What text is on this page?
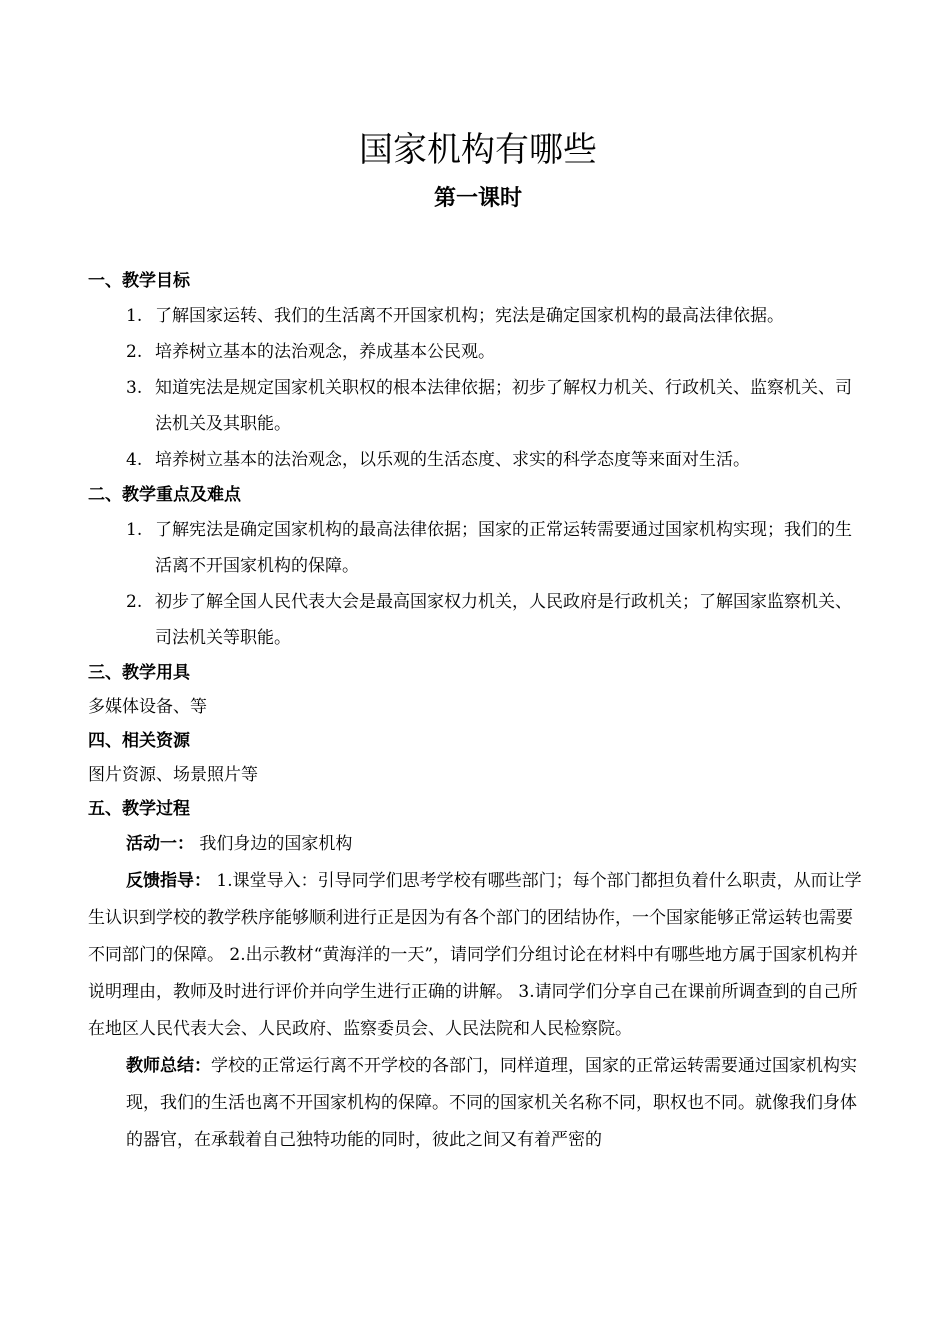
国家机构有哪些
第一课时
一、教学目标
1. 了解国家运转、我们的生活离不开国家机构；宪法是确定国家机构的最高法律依据。
2. 培养树立基本的法治观念，养成基本公民观。
3. 知道宪法是规定国家机关职权的根本法律依据；初步了解权力机关、行政机关、监察机关、司法机关及其职能。
4. 培养树立基本的法治观念，以乐观的生活态度、求实的科学态度等来面对生活。
二、教学重点及难点
1. 了解宪法是确定国家机构的最高法律依据；国家的正常运转需要通过国家机构实现；我们的生活离不开国家机构的保障。
2. 初步了解全国人民代表大会是最高国家权力机关，人民政府是行政机关；了解国家监察机关、司法机关等职能。
三、教学用具
多媒体设备、等
四、相关资源
图片资源、场景照片等
五、教学过程
活动一： 我们身边的国家机构
反馈指导： 1.课堂导入：引导同学们思考学校有哪些部门；每个部门都担负着什么职责，从而让学生认识到学校的教学秩序能够顺利进行正是因为有各个部门的团结协作，一个国家能够正常运转也需要不同部门的保障。 2.出示教材“黄海洋的一天”，请同学们分组讨论在材料中有哪些地方属于国家机构并说明理由，教师及时进行评价并向学生进行正确的讲解。 3.请同学们分享自己在课前所调查到的自己所在地区人民代表大会、人民政府、监察委员会、人民法院和人民检察院。
教师总结：学校的正常运行离不开学校的各部门，同样道理，国家的正常运转需要通过国家机构实现，我们的生活也离不开国家机构的保障。不同的国家机关名称不同，职权也不同。就像我们身体的器官，在承载着自己独特功能的同时，彼此之间又有着严密的
